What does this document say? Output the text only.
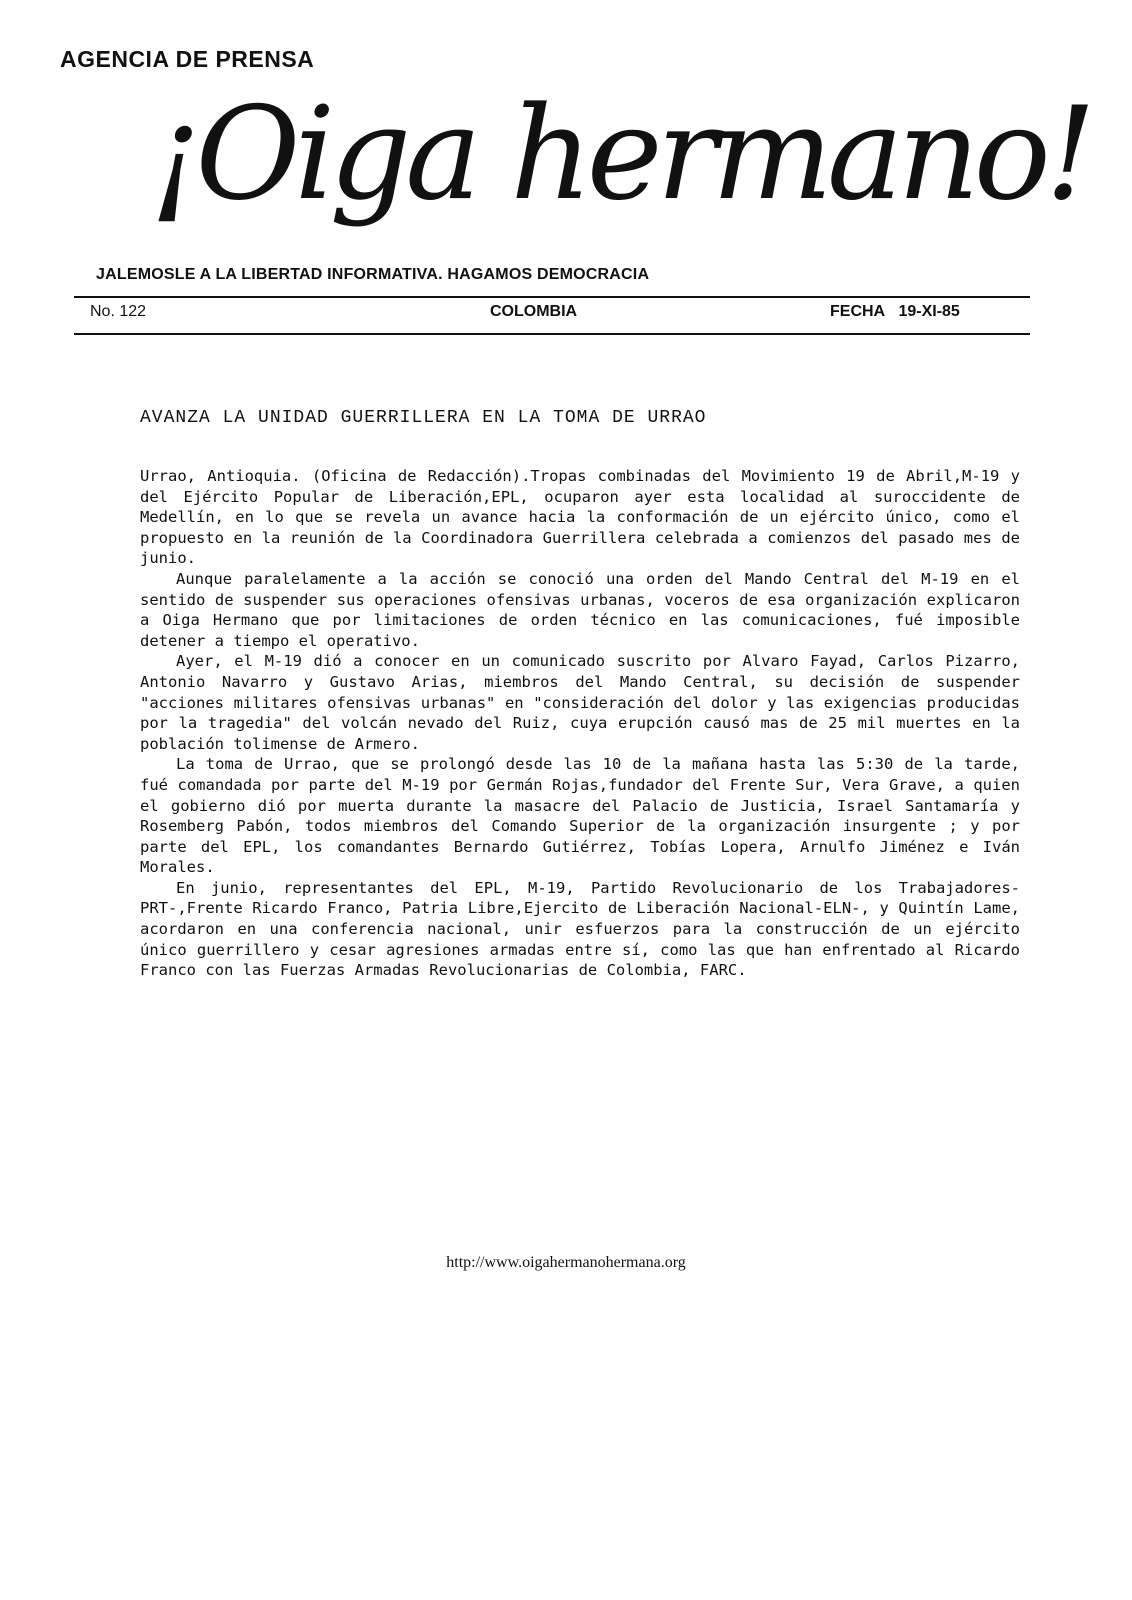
AGENCIA DE PRENSA
¡Oiga hermano!
JALEMOSLE A LA LIBERTAD INFORMATIVA. HAGAMOS DEMOCRACIA
No. 122	COLOMBIA	FECHA 19-XI-85
AVANZA LA UNIDAD GUERRILLERA EN LA TOMA DE URRAO

Urrao, Antioquia. (Oficina de Redacción).Tropas combinadas del Movimiento 19 de Abril,M-19 y del Ejército Popular de Liberación,EPL, ocuparon ayer esta localidad al suroccidente de Medellín, en lo que se revela un avance hacia la conformación de un ejército único, como el propuesto en la reunión de la Coordinadora Guerrillera celebrada a comienzos del pasado mes de junio.

Aunque paralelamente a la acción se conoció una orden del Mando Central del M-19 en el sentido de suspender sus operaciones ofensivas urbanas, voceros de esa organización explicaron a Oiga Hermano que por limitaciones de orden técnico en las comunicaciones, fué imposible detener a tiempo el operativo.

Ayer, el M-19 dió a conocer en un comunicado suscrito por Alvaro Fayad, Carlos Pizarro, Antonio Navarro y Gustavo Arias, miembros del Mando Central, su decisión de suspender "acciones militares ofensivas urbanas" en "consideración del dolor y las exigencias producidas por la tragedia" del volcán nevado del Ruiz, cuya erupción causó mas de 25 mil muertes en la población tolimense de Armero.

La toma de Urrao, que se prolongó desde las 10 de la mañana hasta las 5:30 de la tarde, fué comandada por parte del M-19 por Germán Rojas,fundador del Frente Sur, Vera Grave, a quien el gobierno dió por muerta durante la masacre del Palacio de Justicia, Israel Santamaría y Rosemberg Pabón, todos miembros del Comando Superior de la organización insurgente ; y por parte del EPL, los comandantes Bernardo Gutiérrez, Tobías Lopera, Arnulfo Jiménez e Iván Morales.

En junio, representantes del EPL, M-19, Partido Revolucionario de los Trabajadores-PRT-,Frente Ricardo Franco, Patria Libre,Ejercito de Liberación Nacional-ELN-, y Quintín Lame, acordaron en una conferencia nacional, unir esfuerzos para la construcción de un ejército único guerrillero y cesar agresiones armadas entre sí, como las que han enfrentado al Ricardo Franco con las Fuerzas Armadas Revolucionarias de Colombia, FARC.

http://www.oigahermanohermana.org
